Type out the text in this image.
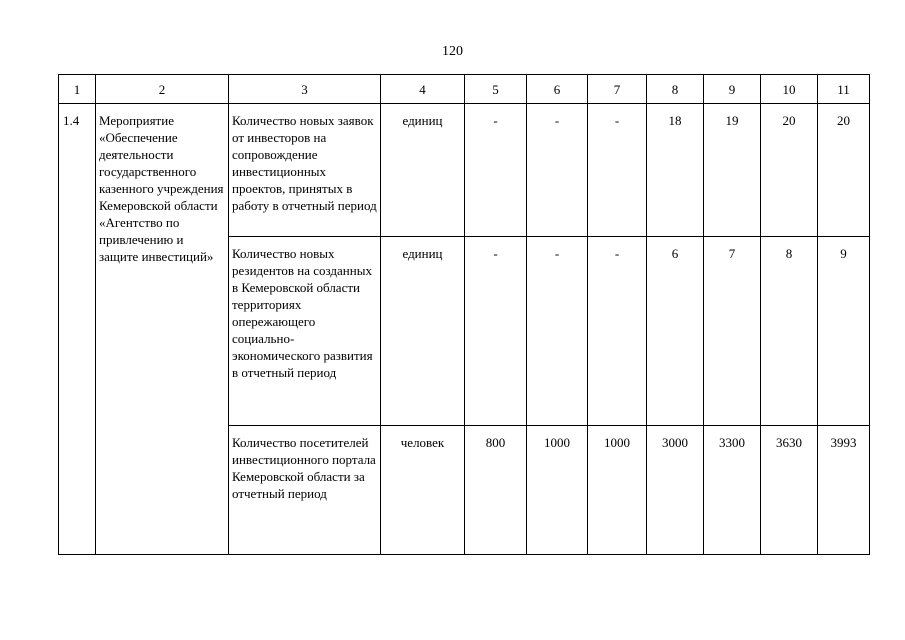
120
1	2	3	4	5	6	7	8	9	10	11
1.4	Мероприятие «Обеспечение деятельности государственного казенного учреждения Кемеровской области «Агентство по привлечению и защите инвестиций»	Количество новых заявок от инвесторов на сопровождение инвестиционных проектов, принятых в работу в отчетный период	единиц	-	-	-	18	19	20	20
		Количество новых резидентов на созданных в Кемеровской области территориях опережающего социально-экономического развития в отчетный период	единиц	-	-	-	6	7	8	9
		Количество посетителей инвестиционного портала Кемеровской области за отчетный период	человек	800	1000	1000	3000	3300	3630	3993
